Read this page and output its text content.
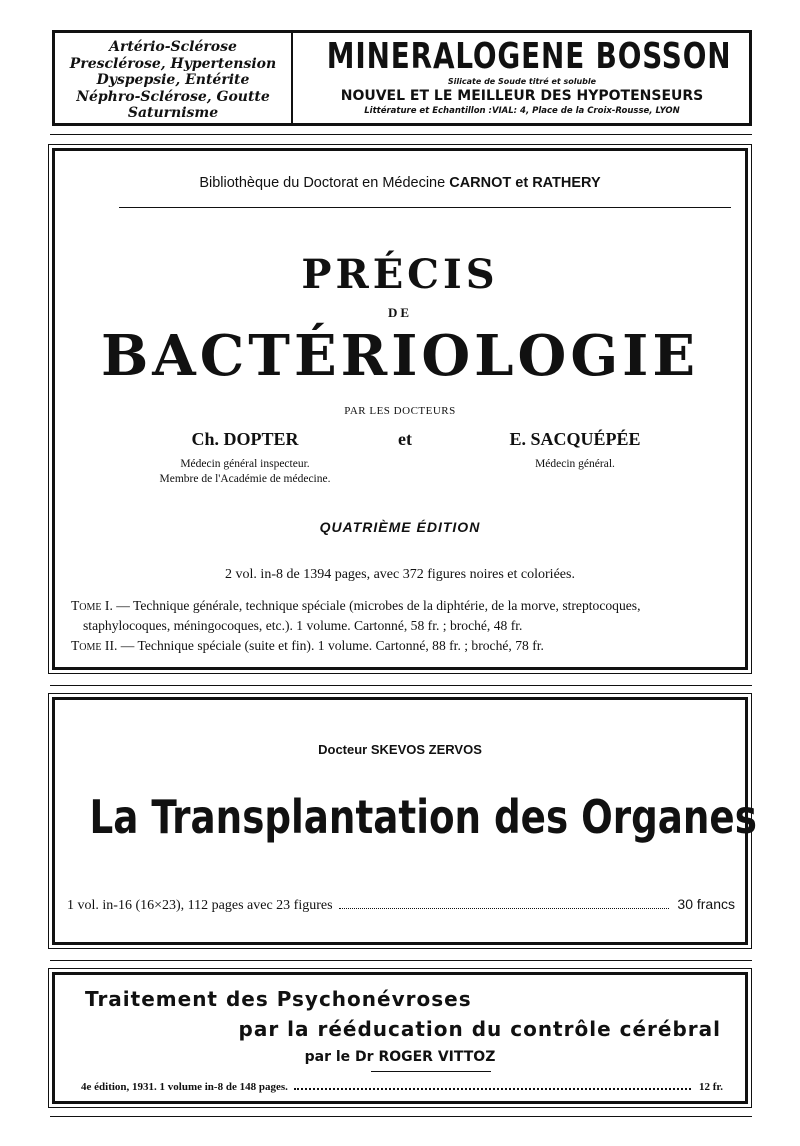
Artério-Sclérose
Presclérose, Hypertension
Dyspepsie, Entérite
Néphro-Sclérose, Goutte
Saturnisme
MINERALOGENE BOSSON
Silicate de Soude titré et soluble
NOUVEL ET LE MEILLEUR DES HYPOTENSEURS
Littérature et Echantillon :VIAL: 4, Place de la Croix-Rousse, LYON
Bibliothèque du Doctorat en Médecine CARNOT et RATHERY
PRÉCIS
DE
BACTÉRIOLOGIE
PAR LES DOCTEURS
Ch. DOPTER	et	E. SACQUÉPÉE
Médecin général inspecteur.
Membre de l'Académie de médecine.
Médecin général.
QUATRIÈME ÉDITION
2 vol. in-8 de 1394 pages, avec 372 figures noires et coloriées.

Tome I. — Technique générale, technique spéciale (microbes de la diphtérie, de la morve, streptocoques,

staphylocoques, méningocoques, etc.). 1 volume. Cartonné, 58 fr. ; broché, 48 fr.

Tome II. — Technique spéciale (suite et fin). 1 volume. Cartonné, 88 fr. ; broché, 78 fr.

Docteur SKEVOS ZERVOS
La Transplantation des Organes
1 vol. in-16 (16×23), 112 pages avec 23 figures	30 francs
Traitement des Psychonévroses
par la rééducation du contrôle cérébral
par le Dr ROGER VITTOZ
4e édition, 1931. 1 volume in-8 de 148 pages.	12 fr.
